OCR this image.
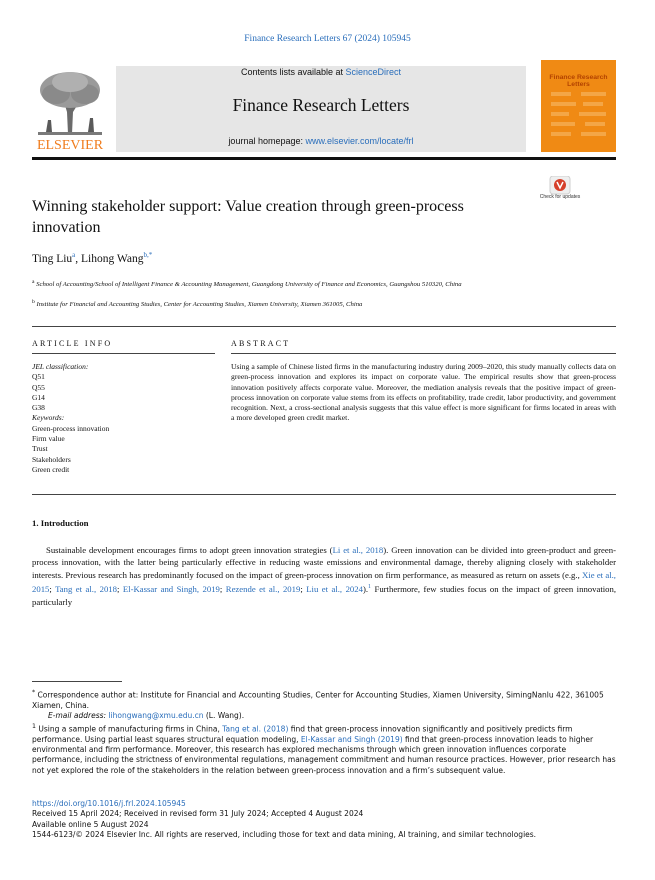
Finance Research Letters 67 (2024) 105945
Contents lists available at ScienceDirect
Finance Research Letters
journal homepage: www.elsevier.com/locate/frl
ELSEVIER
Finance Research Letters
Check for updates
Winning stakeholder support: Value creation through green-process innovation
Ting Liu$^a$, Lihong Wang$^{b,*}$
$^a$ School of Accounting/School of Intelligent Finance & Accounting Management, Guangdong University of Finance and Economics, Guangshou 510320, China
$^b$ Institute for Financial and Accounting Studies, Center for Accounting Studies, Xiamen University, Xiamen 361005, China
ARTICLE INFO	ABSTRACT
JEL classification:
Q51
Q55
G14
G38
Keywords:
Green-process innovation
Firm value
Trust
Stakeholders
Green credit
Using a sample of Chinese listed firms in the manufacturing industry during 2009–2020, this study manually collects data on green-process innovation and explores its impact on corporate value. The empirical results show that green-process innovation positively affects corporate value. Moreover, the mediation analysis reveals that the positive impact of green-process innovation on corporate value stems from its effects on profitability, trade credit, labor productivity, and government recognition. Next, a cross-sectional analysis suggests that this value effect is more significant for firms located in areas with a more developed green credit market.
1. Introduction
Sustainable development encourages firms to adopt green innovation strategies (Li et al., 2018). Green innovation can be divided into green-product and green-process innovation, with the latter being particularly effective in reducing waste emissions and environmental damage, thereby aligning closely with stakeholder interests. Previous research has predominantly focused on the impact of green-process innovation on firm performance, as measured as return on assets (e.g., Xie et al., 2015; Tang et al., 2018; El-Kassar and Singh, 2019; Rezende et al., 2019; Liu et al., 2024).$^1$ Furthermore, few studies focus on the impact of green innovation, particularly

* Correspondence author at: Institute for Financial and Accounting Studies, Center for Accounting Studies, Xiamen University, SimingNanlu 422, 361005 Xiamen, China.

E-mail address: lihongwang@xmu.edu.cn (L. Wang).

$^1$ Using a sample of manufacturing firms in China, Tang et al. (2018) find that green-process innovation significantly and positively predicts firm performance. Using partial least squares structural equation modeling, El-Kassar and Singh (2019) find that green-process innovation leads to higher environmental and firm performance. Moreover, this research has explored mechanisms through which green innovation influences corporate performance, including the strictness of environmental regulations, management commitment and human resource practices. However, prior research has not yet explored the role of the stakeholders in the relation between green-process innovation and a firm’s subsequent value.

https://doi.org/10.1016/j.frl.2024.105945
Received 15 April 2024; Received in revised form 31 July 2024; Accepted 4 August 2024
Available online 5 August 2024
1544-6123/© 2024 Elsevier Inc. All rights are reserved, including those for text and data mining, AI training, and similar technologies.
